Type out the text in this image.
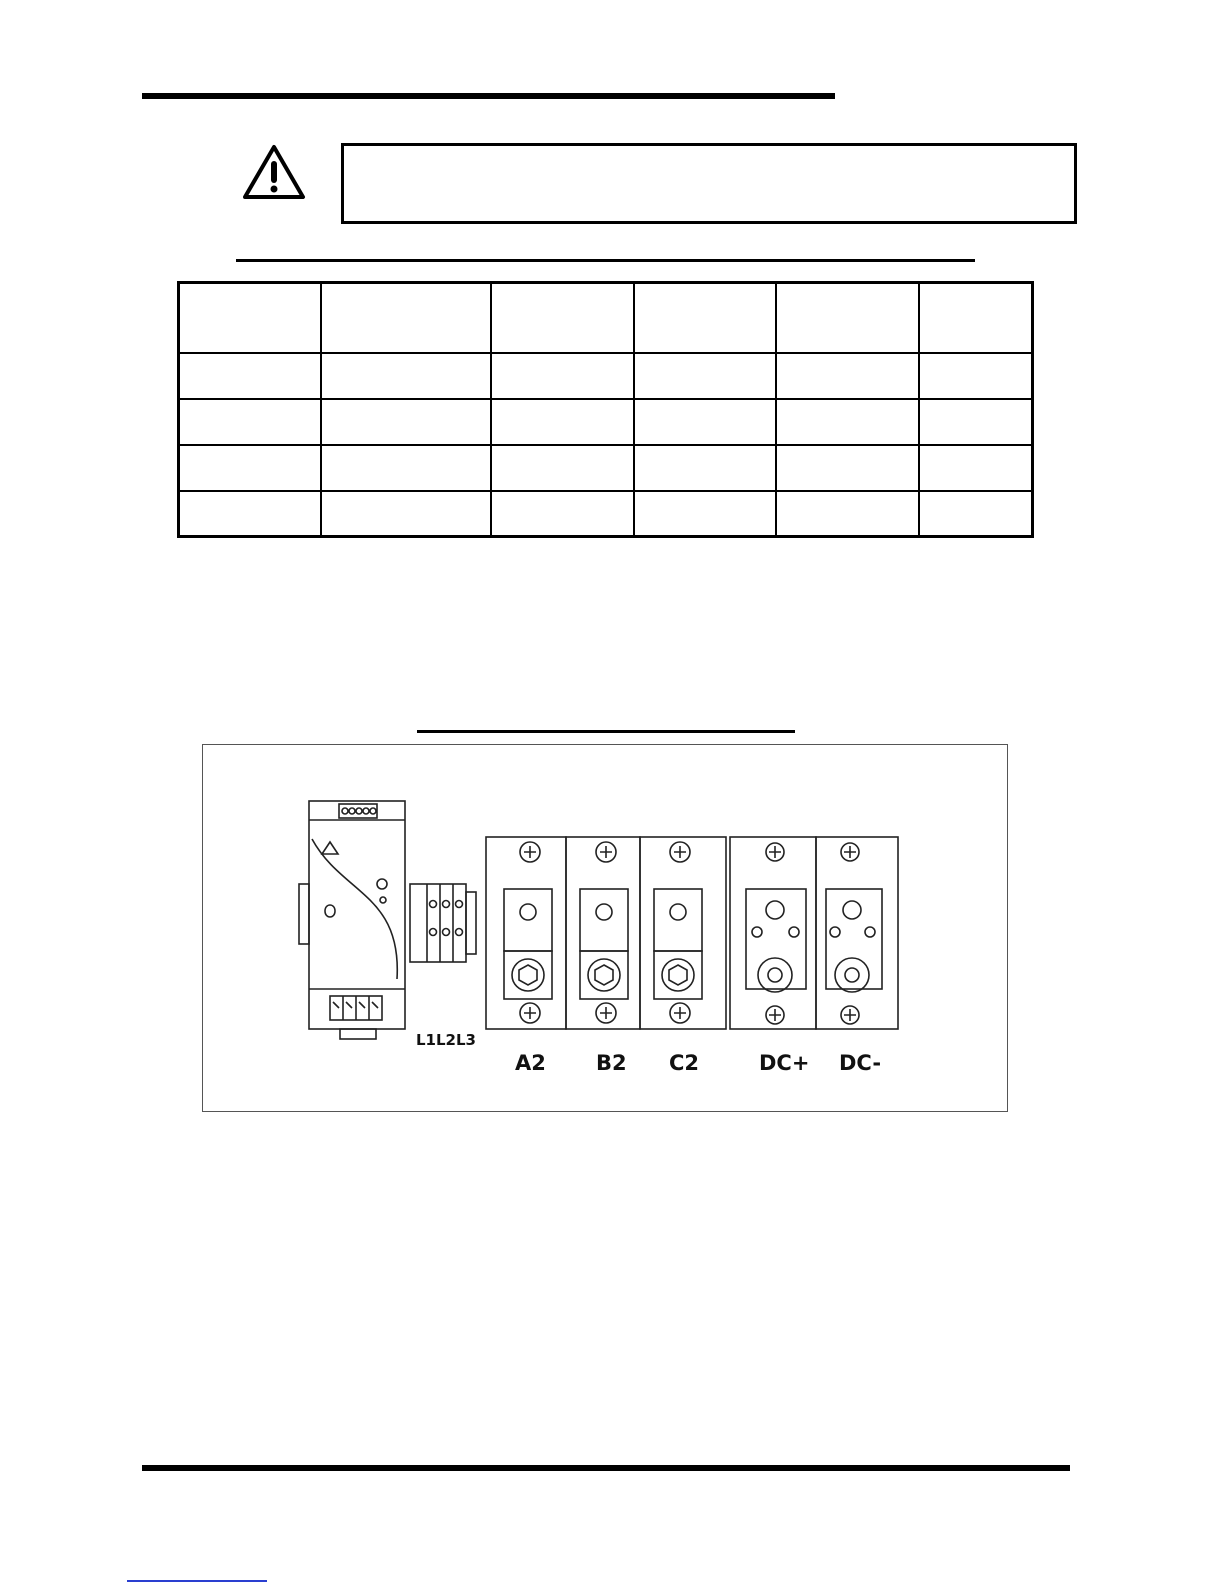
L1 L2 L3
A2 B2 C2	DC+ DC-
